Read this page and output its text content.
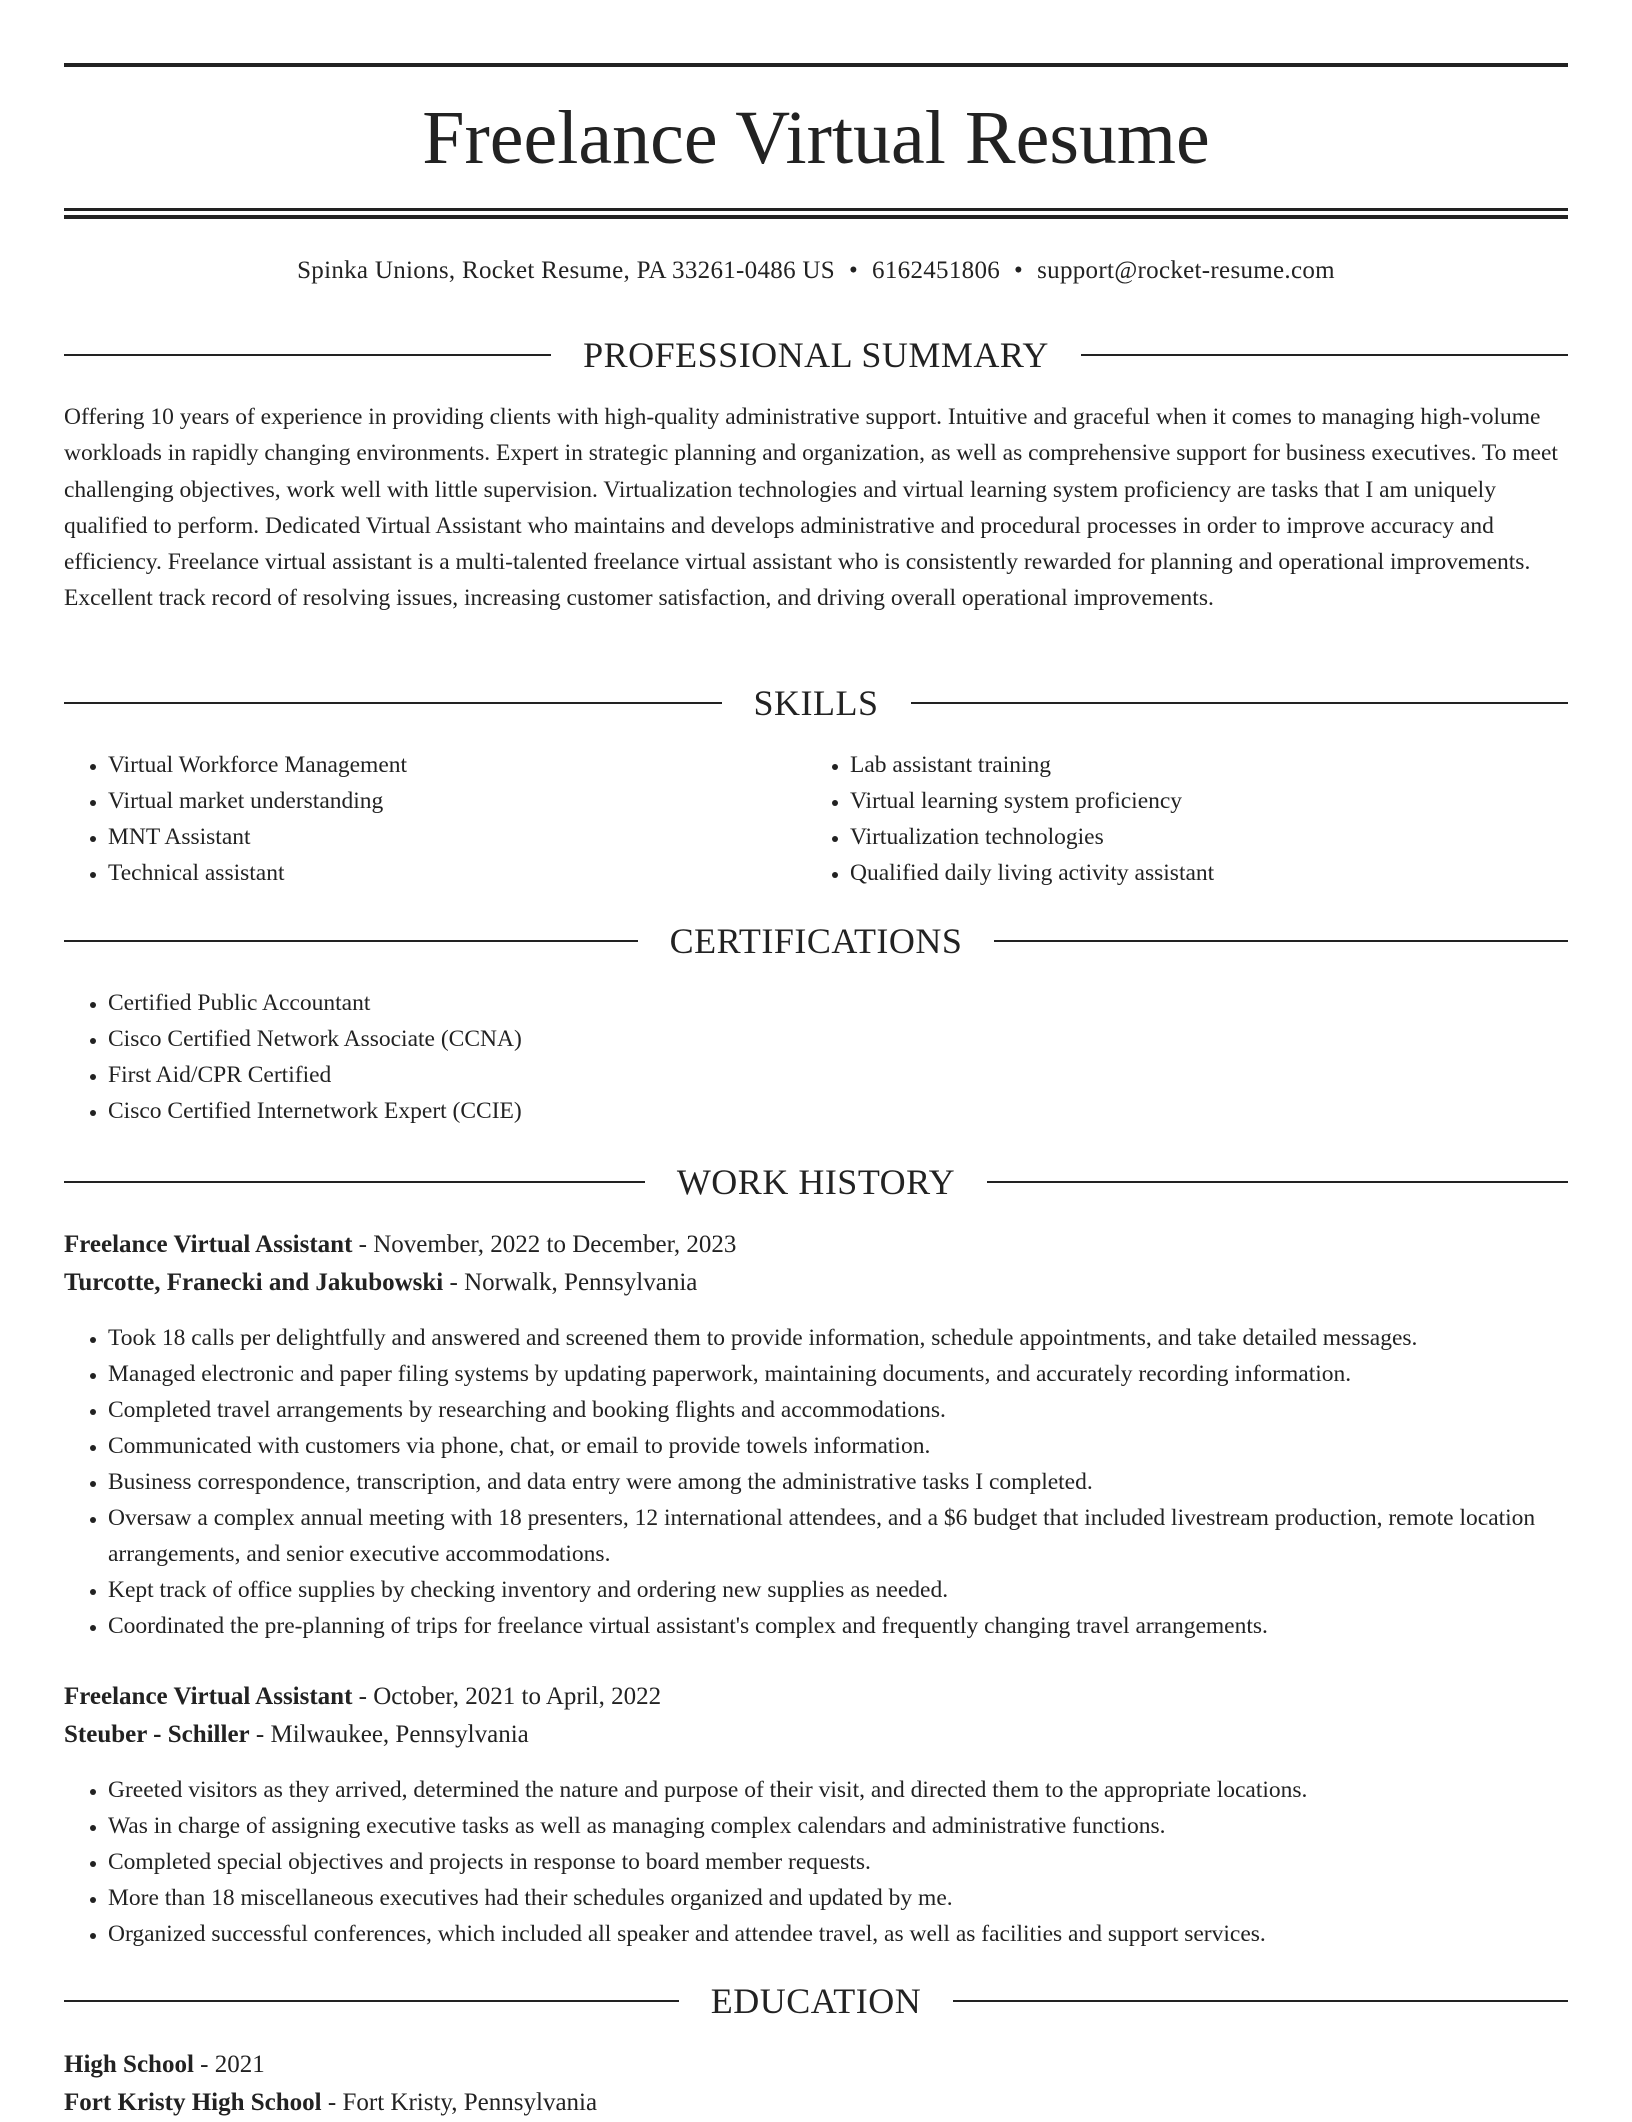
Freelance Virtual Resume
Spinka Unions, Rocket Resume, PA 33261-0486 US • 6162451806 • support@rocket-resume.com
PROFESSIONAL SUMMARY

Offering 10 years of experience in providing clients with high-quality administrative support. Intuitive and graceful when it comes to managing high-volume workloads in rapidly changing environments. Expert in strategic planning and organization, as well as comprehensive support for business executives. To meet challenging objectives, work well with little supervision. Virtualization technologies and virtual learning system proficiency are tasks that I am uniquely qualified to perform. Dedicated Virtual Assistant who maintains and develops administrative and procedural processes in order to improve accuracy and efficiency. Freelance virtual assistant is a multi-talented freelance virtual assistant who is consistently rewarded for planning and operational improvements. Excellent track record of resolving issues, increasing customer satisfaction, and driving overall operational improvements.

SKILLS
• Virtual Workforce Management
• Virtual market understanding
• MNT Assistant
• Technical assistant
• Lab assistant training
• Virtual learning system proficiency
• Virtualization technologies
• Qualified daily living activity assistant
CERTIFICATIONS
• Certified Public Accountant
• Cisco Certified Network Associate (CCNA)
• First Aid/CPR Certified
• Cisco Certified Internetwork Expert (CCIE)
WORK HISTORY
Freelance Virtual Assistant - November, 2022 to December, 2023
Turcotte, Franecki and Jakubowski - Norwalk, Pennsylvania
• Took 18 calls per delightfully and answered and screened them to provide information, schedule appointments, and take detailed messages.
• Managed electronic and paper filing systems by updating paperwork, maintaining documents, and accurately recording information.
• Completed travel arrangements by researching and booking flights and accommodations.
• Communicated with customers via phone, chat, or email to provide towels information.
• Business correspondence, transcription, and data entry were among the administrative tasks I completed.
• Oversaw a complex annual meeting with 18 presenters, 12 international attendees, and a $6 budget that included livestream production, remote location arrangements, and senior executive accommodations.
• Kept track of office supplies by checking inventory and ordering new supplies as needed.
• Coordinated the pre-planning of trips for freelance virtual assistant's complex and frequently changing travel arrangements.
Freelance Virtual Assistant - October, 2021 to April, 2022
Steuber - Schiller - Milwaukee, Pennsylvania
• Greeted visitors as they arrived, determined the nature and purpose of their visit, and directed them to the appropriate locations.
• Was in charge of assigning executive tasks as well as managing complex calendars and administrative functions.
• Completed special objectives and projects in response to board member requests.
• More than 18 miscellaneous executives had their schedules organized and updated by me.
• Organized successful conferences, which included all speaker and attendee travel, as well as facilities and support services.
EDUCATION
High School - 2021
Fort Kristy High School - Fort Kristy, Pennsylvania
